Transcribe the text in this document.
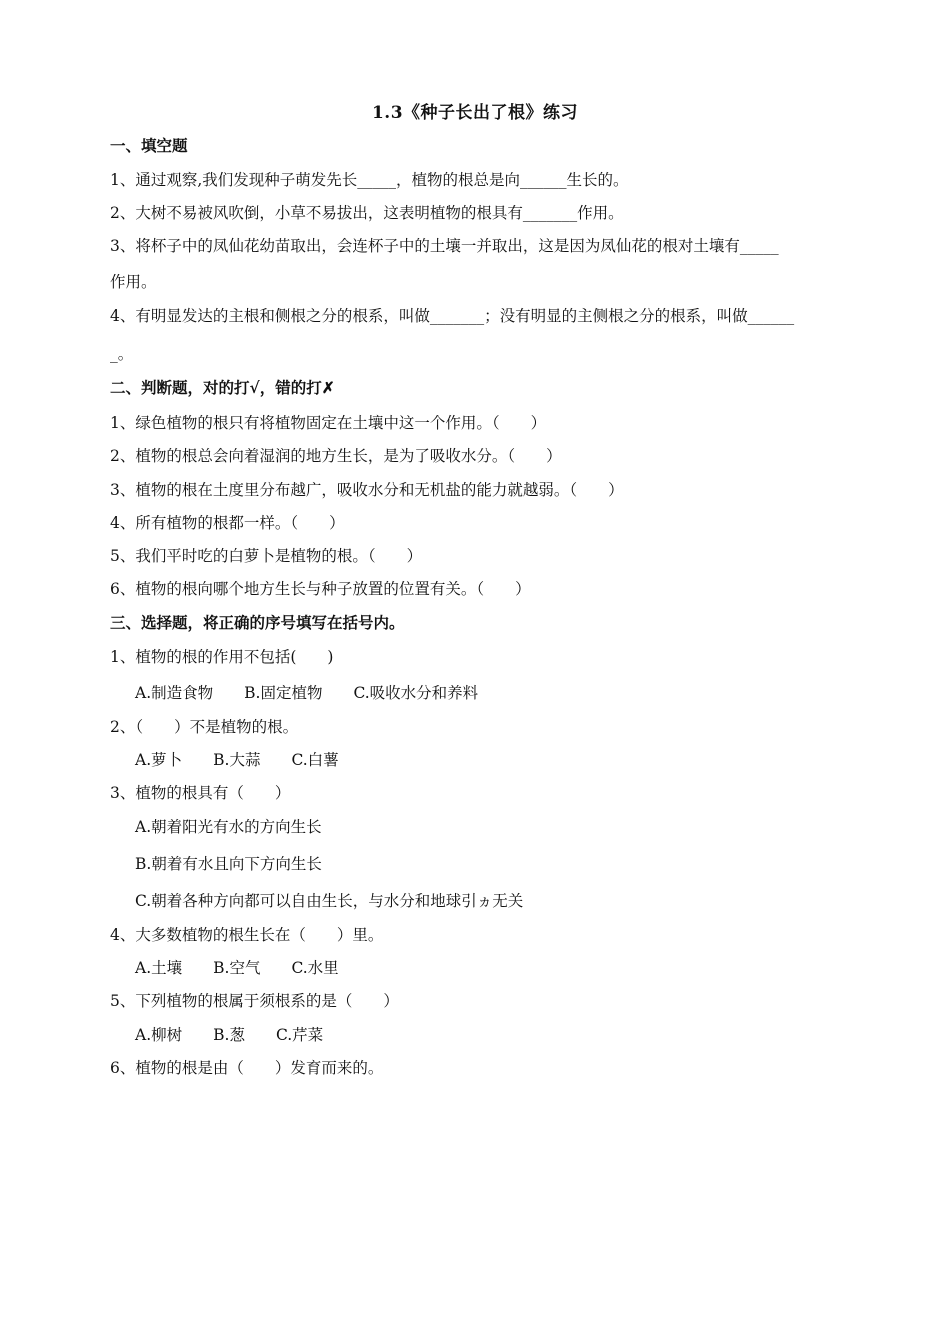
1.3《种子长出了根》练习
一、填空题
1、通过观察,我们发现种子萌发先长_____，植物的根总是向______生长的。
2、大树不易被风吹倒，小草不易拔出，这表明植物的根具有_______作用。
3、将杯子中的凤仙花幼苗取出，会连杯子中的土壤一并取出，这是因为凤仙花的根对土壤有_____
作用。
4、有明显发达的主根和侧根之分的根系，叫做_______；没有明显的主侧根之分的根系，叫做______
_。
二、判断题，对的打√，错的打✗
1、绿色植物的根只有将植物固定在土壤中这一个作用。（　　）
2、植物的根总会向着湿润的地方生长，是为了吸收水分。（　　）
3、植物的根在土度里分布越广，吸收水分和无机盐的能力就越弱。（　　）
4、所有植物的根都一样。（　　）
5、我们平时吃的白萝卜是植物的根。（　　）
6、植物的根向哪个地方生长与种子放置的位置有关。（　　）
三、选择题，将正确的序号填写在括号内。
1、植物的根的作用不包括(　　)
A.制造食物　　B.固定植物　　C.吸收水分和养料
2、（　　）不是植物的根。
A.萝卜　　B.大蒜　　C.白薯
3、植物的根具有（　　）
A.朝着阳光有水的方向生长
B.朝着有水且向下方向生长
C.朝着各种方向都可以自由生长，与水分和地球引ヵ无关
4、大多数植物的根生长在（　　）里。
A.土壤　　B.空气　　C.水里
5、下列植物的根属于须根系的是（　　）
A.柳树　　B.葱　　C.芹菜
6、植物的根是由（　　）发育而来的。
